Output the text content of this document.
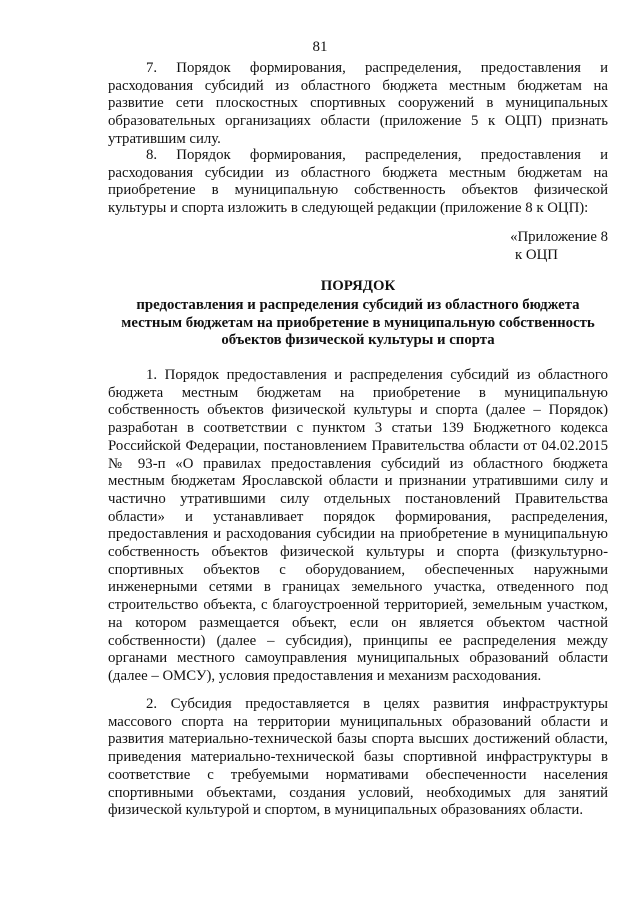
81

7. Порядок формирования, распределения, предоставления и расходования субсидий из областного бюджета местным бюджетам на развитие сети плоскостных спортивных сооружений в муниципальных образовательных организациях области (приложение 5 к ОЦП) признать утратившим силу.

8. Порядок формирования, распределения, предоставления и расходования субсидии из областного бюджета местным бюджетам на приобретение в муниципальную собственность объектов физической культуры и спорта изложить в следующей редакции (приложение 8 к ОЦП):

«Приложение 8
к ОЦП
ПОРЯДОК
предоставления и распределения субсидий из областного бюджета местным бюджетам на приобретение в муниципальную собственность объектов физической культуры и спорта

1. Порядок предоставления и распределения субсидий из областного бюджета местным бюджетам на приобретение в муниципальную собственность объектов физической культуры и спорта (далее – Порядок) разработан в соответствии с пунктом 3 статьи 139 Бюджетного кодекса Российской Федерации, постановлением Правительства области от 04.02.2015 № 93-п «О правилах предоставления субсидий из областного бюджета местным бюджетам Ярославской области и признании утратившими силу и частично утратившими силу отдельных постановлений Правительства области» и устанавливает порядок формирования, распределения, предоставления и расходования субсидии на приобретение в муниципальную собственность объектов физической культуры и спорта (физкультурно-спортивных объектов с оборудованием, обеспеченных наружными инженерными сетями в границах земельного участка, отведенного под строительство объекта, с благоустроенной территорией, земельным участком, на котором размещается объект, если он является объектом частной собственности) (далее – субсидия), принципы ее распределения между органами местного самоуправления муниципальных образований области (далее – ОМСУ), условия предоставления и механизм расходования.

2. Субсидия предоставляется в целях развития инфраструктуры массового спорта на территории муниципальных образований области и развития материально-технической базы спорта высших достижений области, приведения материально-технической базы спортивной инфраструктуры в соответствие с требуемыми нормативами обеспеченности населения спортивными объектами, создания условий, необходимых для занятий физической культурой и спортом, в муниципальных образованиях области.
